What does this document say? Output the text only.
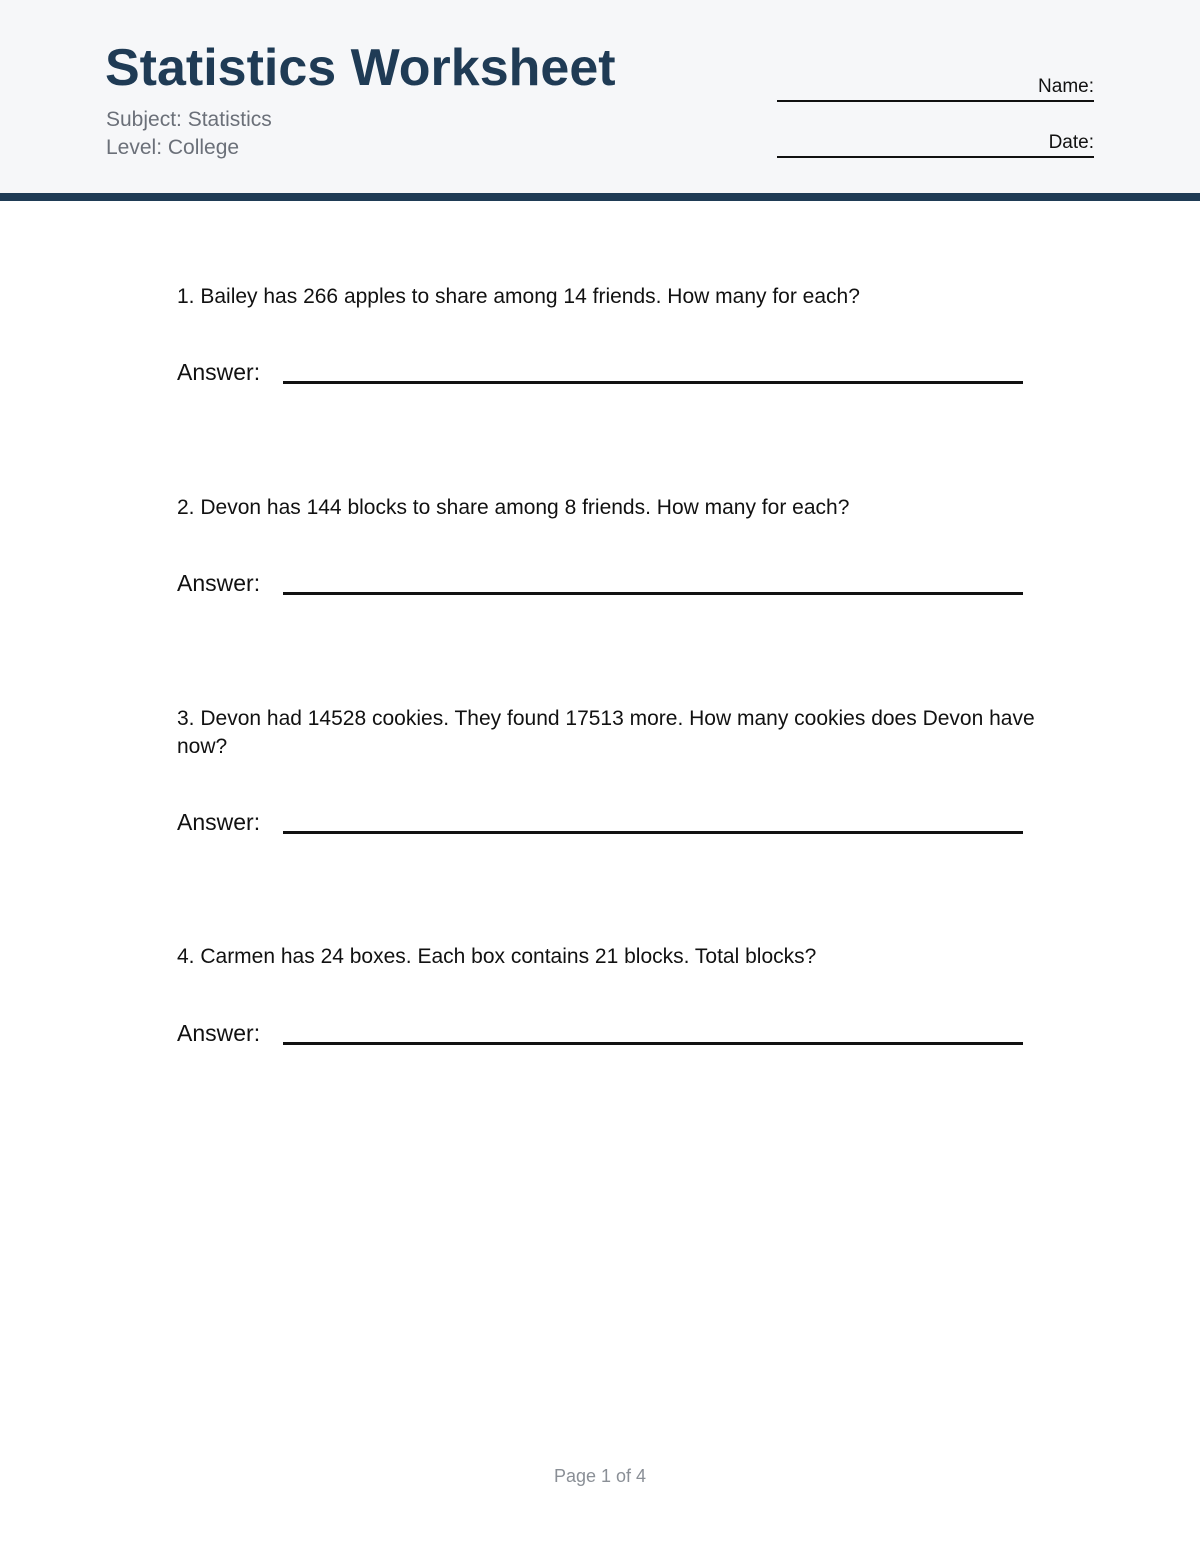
Statistics Worksheet
Subject: Statistics
Level: College
Name:
Date:
1. Bailey has 266 apples to share among 14 friends. How many for each?
Answer:
2. Devon has 144 blocks to share among 8 friends. How many for each?
Answer:
3. Devon had 14528 cookies. They found 17513 more. How many cookies does Devon have now?
Answer:
4. Carmen has 24 boxes. Each box contains 21 blocks. Total blocks?
Answer:
Page 1 of 4
